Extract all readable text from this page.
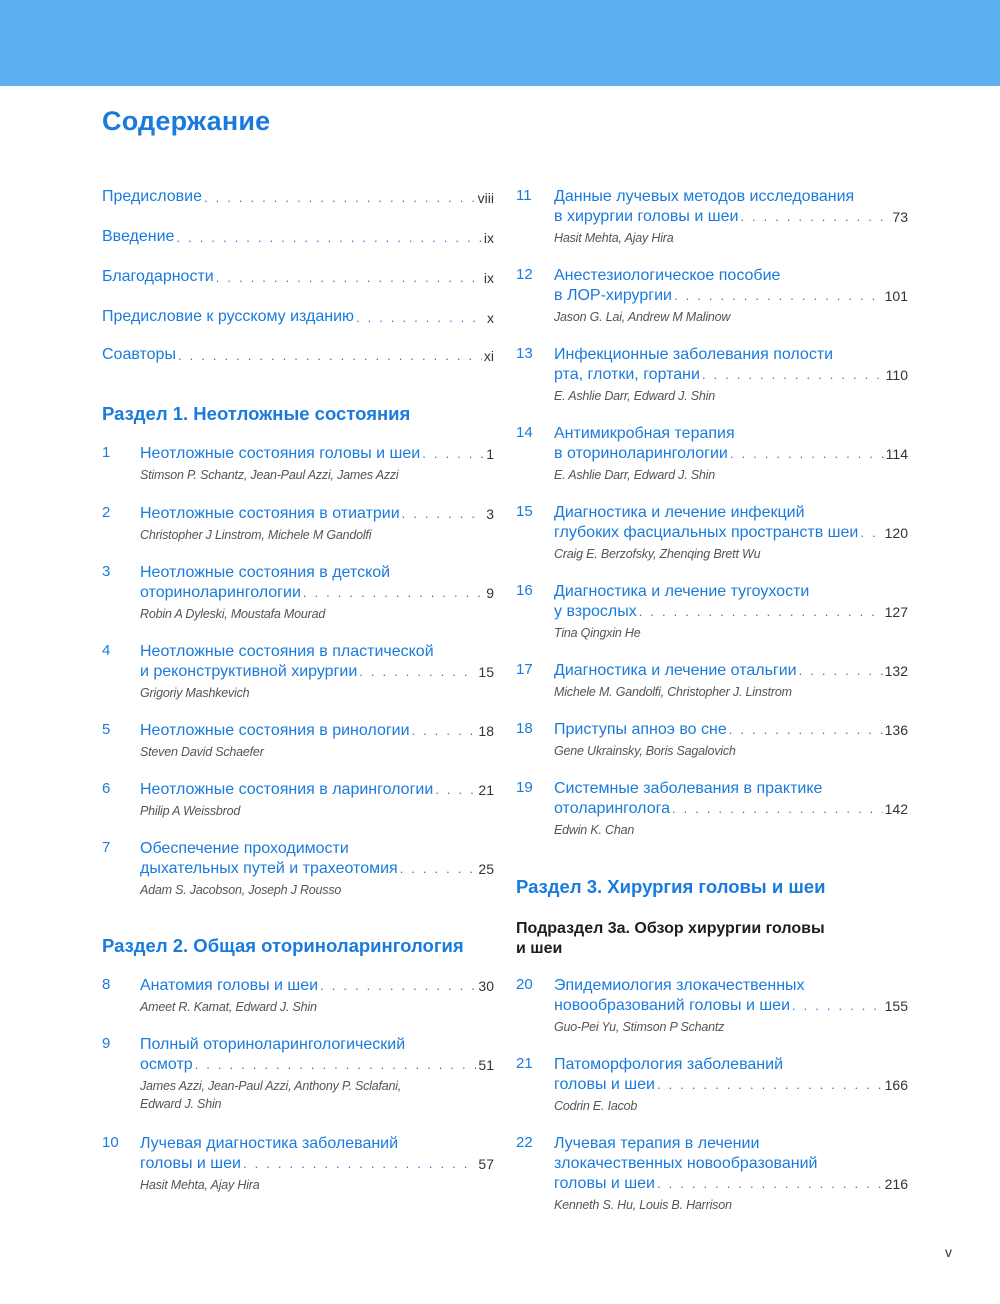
Содержание
Предисловие . . .	viii
Введение . . .	ix
Благодарности . . .	ix
Предисловие к русскому изданию . . .	x
Соавторы . . .	xi
1 Неотложные состояния головы и шеи . . .	1
Stimson P. Schantz, Jean-Paul Azzi, James Azzi
2 Неотложные состояния в отиатрии . . .	3
Christopher J Linstrom, Michele M Gandolfi
3 Неотложные состояния в детской
оториноларингологии . . .	9
Robin A Dyleski, Moustafa Mourad
4 Неотложные состояния в пластической
и реконструктивной хирургии . . .	15
Grigoriy Mashkevich
5 Неотложные состояния в ринологии . . .	18
Steven David Schaefer
6 Неотложные состояния в ларингологии . . .	21
Philip A Weissbrod
7 Обеспечение проходимости
дыхательных путей и трахеотомия . . .	25
Adam S. Jacobson, Joseph J Rousso
8 Анатомия головы и шеи . . .	30
Ameet R. Kamat, Edward J. Shin
9 Полный оториноларингологический
осмотр . . .	51
James Azzi, Jean-Paul Azzi, Anthony P. Sclafani,
Edward J. Shin
10 Лучевая диагностика заболеваний
головы и шеи . . .	57
Hasit Mehta, Ajay Hira
11 Данные лучевых методов исследования
в хирургии головы и шеи . . .	73
Hasit Mehta, Ajay Hira
12 Анестезиологическое пособие
в ЛОР-хирургии . . .	101
Jason G. Lai, Andrew M Malinow
13 Инфекционные заболевания полости
рта, глотки, гортани . . .	110
E. Ashlie Darr, Edward J. Shin
14 Антимикробная терапия
в оториноларингологии . . .	114
E. Ashlie Darr, Edward J. Shin
15 Диагностика и лечение инфекций
глубоких фасциальных пространств шеи . . . 120
Craig E. Berzofsky, Zhenqing Brett Wu
16 Диагностика и лечение тугоухости
у взрослых . . .	127
Tina Qingxin He
17 Диагностика и лечение отальгии . . .	132
Michele M. Gandolfi, Christopher J. Linstrom
18 Приступы апноэ во сне . . .	136
Gene Ukrainsky, Boris Sagalovich
19 Системные заболевания в практике
отоларинголога . . .	142
Edwin K. Chan
20 Эпидемиология злокачественных
новообразований головы и шеи . . .	155
Guo-Pei Yu, Stimson P Schantz
21 Патоморфология заболеваний
головы и шеи . . .	166
Codrin E. Iacob
22 Лучевая терапия в лечении
злокачественных новообразований
головы и шеи . . .	216
Kenneth S. Hu, Louis B. Harrison
Раздел 1. Неотложные состояния
Раздел 2. Общая оториноларингология
Раздел 3. Хирургия головы и шеи
Подраздел 3a. Обзор хирургии головы
и шеи
v
